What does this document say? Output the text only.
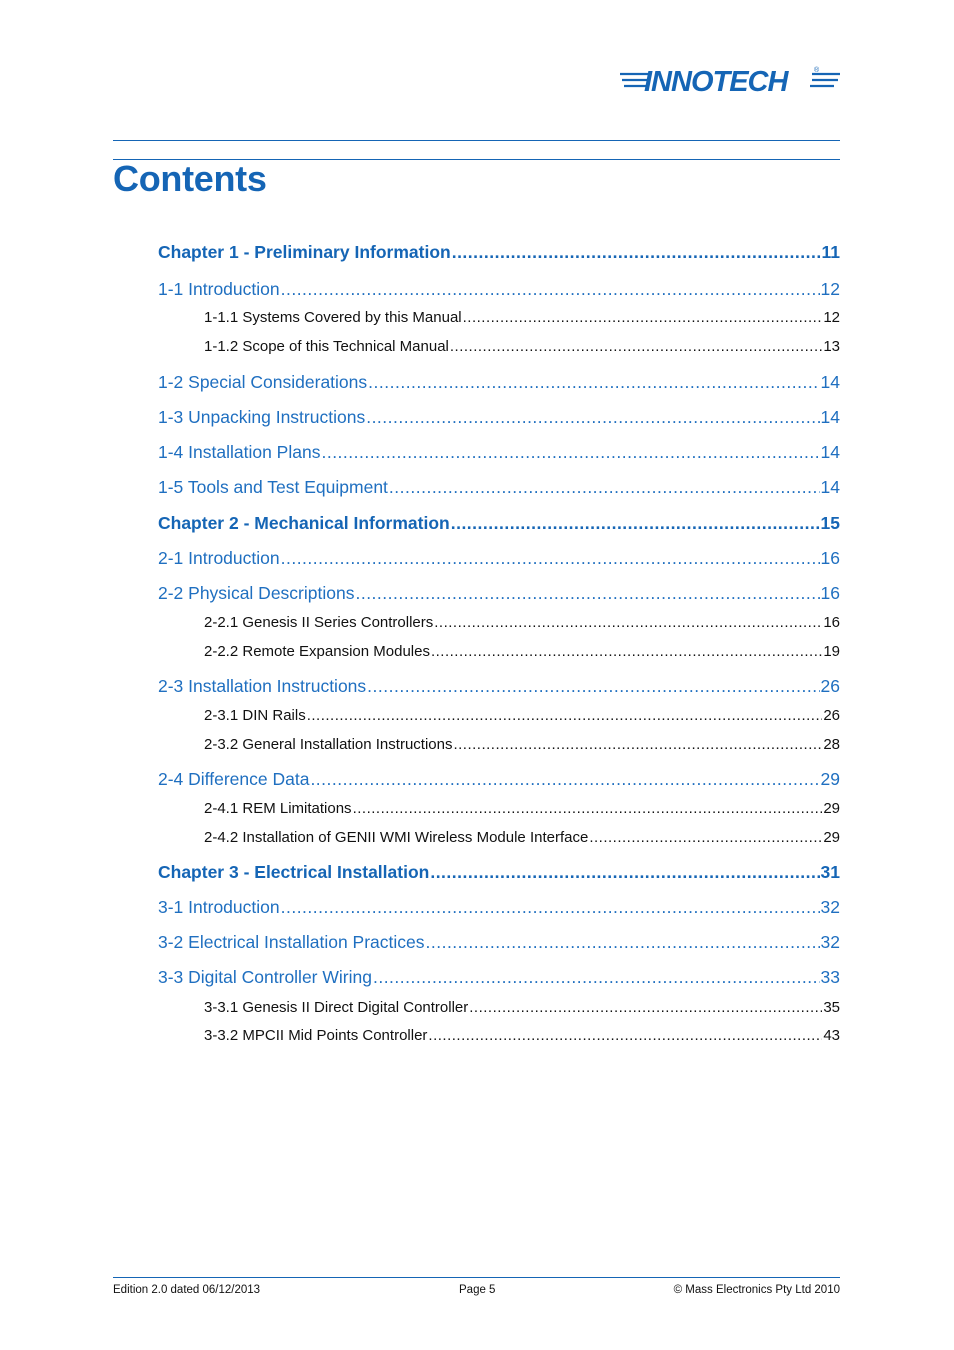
INNOTECH	®
Contents
Chapter 1 - Preliminary Information .....	11
1-1 Introduction .....	12
1-1.1 Systems Covered by this Manual .....	12
1-1.2 Scope of this Technical Manual .....	13
1-2 Special Considerations .....	14
1-3 Unpacking Instructions .....	14
1-4 Installation Plans .....	14
1-5 Tools and Test Equipment .....	14
Chapter 2 - Mechanical Information .....	15
2-1 Introduction .....	16
2-2 Physical Descriptions .....	16
2-2.1 Genesis II Series Controllers .....	16
2-2.2 Remote Expansion Modules .....	19
2-3 Installation Instructions .....	26
2-3.1 DIN Rails .....	26
2-3.2 General Installation Instructions .....	28
2-4 Difference Data .....	29
2-4.1 REM Limitations .....	29
2-4.2 Installation of GENII WMI Wireless Module Interface .....	29
Chapter 3 - Electrical Installation .....	31
3-1 Introduction .....	32
3-2 Electrical Installation Practices .....	32
3-3 Digital Controller Wiring .....	33
3-3.1 Genesis II Direct Digital Controller .....	35
3-3.2 MPCII Mid Points Controller .....	43
Edition 2.0 dated 06/12/2013	Page 5	© Mass Electronics Pty Ltd 2010
